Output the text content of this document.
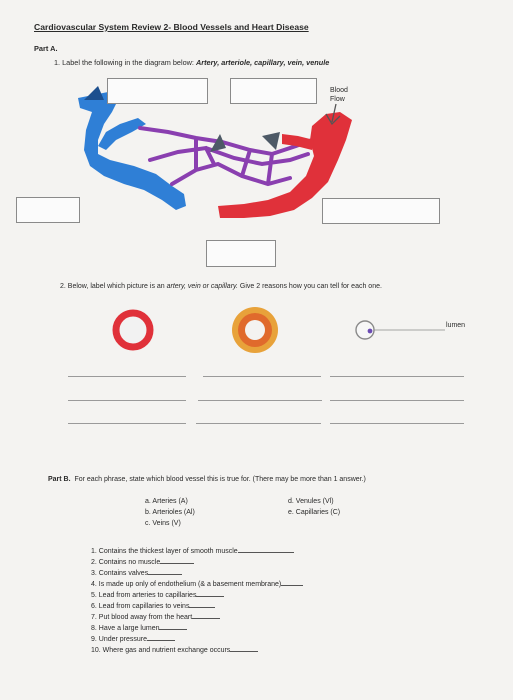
Cardiovascular System Review 2- Blood Vessels and Heart Disease
Part A.
1. Label the following in the diagram below: Artery, arteriole, capillary, vein, venule
Blood
Flow
2. Below, label which picture is an artery, vein or capillary. Give 2 reasons how you can tell for each one.
lumen
Part B. For each phrase, state which blood vessel this is true for. (There may be more than 1 answer.)
a. Arteries (A)
b. Arterioles (Al)
c. Veins (V)
d. Venules (Vl)
e. Capillaries (C)
1. Contains the thickest layer of smooth muscle
2. Contains no muscle
3. Contains valves
4. Is made up only of endothelium (& a basement membrane)
5. Lead from arteries to capillaries
6. Lead from capillaries to veins
7. Put blood away from the heart
8. Have a large lumen
9. Under pressure
10. Where gas and nutrient exchange occurs
